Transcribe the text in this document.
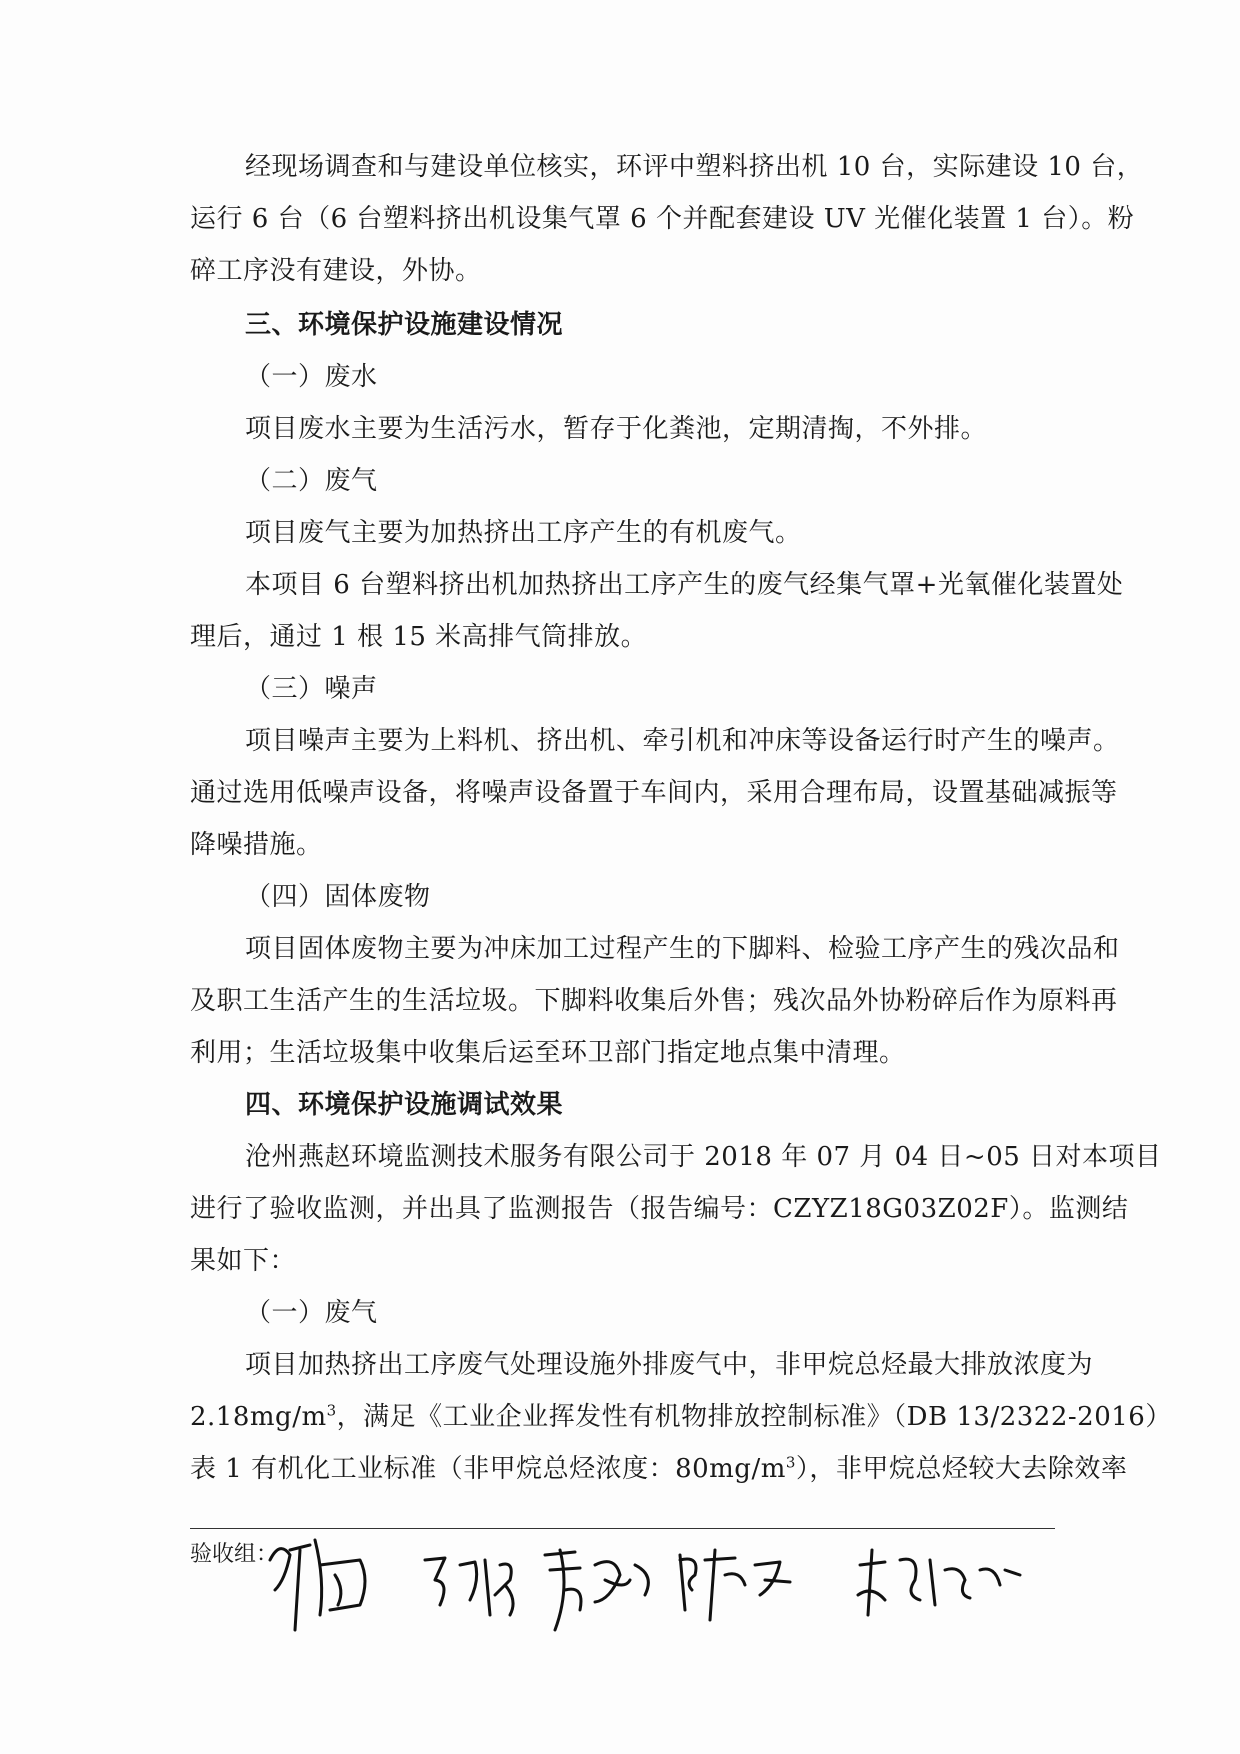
经现场调查和与建设单位核实，环评中塑料挤出机 10 台，实际建设 10 台，
运行 6 台（6 台塑料挤出机设集气罩 6 个并配套建设 UV 光催化装置 1 台）。粉
碎工序没有建设，外协。
三、环境保护设施建设情况
（一）废水
项目废水主要为生活污水，暂存于化粪池，定期清掏，不外排。
（二）废气
项目废气主要为加热挤出工序产生的有机废气。
本项目 6 台塑料挤出机加热挤出工序产生的废气经集气罩+光氧催化装置处
理后，通过 1 根 15 米高排气筒排放。
（三）噪声
项目噪声主要为上料机、挤出机、牵引机和冲床等设备运行时产生的噪声。
通过选用低噪声设备，将噪声设备置于车间内，采用合理布局，设置基础减振等
降噪措施。
（四）固体废物
项目固体废物主要为冲床加工过程产生的下脚料、检验工序产生的残次品和
及职工生活产生的生活垃圾。下脚料收集后外售；残次品外协粉碎后作为原料再
利用；生活垃圾集中收集后运至环卫部门指定地点集中清理。
四、环境保护设施调试效果
沧州燕赵环境监测技术服务有限公司于 2018 年 07 月 04 日~05 日对本项目
进行了验收监测，并出具了监测报告（报告编号：CZYZ18G03Z02F）。监测结
果如下：
（一）废气
项目加热挤出工序废气处理设施外排废气中，非甲烷总烃最大排放浓度为
$2.18mg/m^3$，满足《工业企业挥发性有机物排放控制标准》（DB 13/2322-2016）
表 1 有机化工业标准（非甲烷总烃浓度：$80mg/m^3$），非甲烷总烃较大去除效率
验收组：
